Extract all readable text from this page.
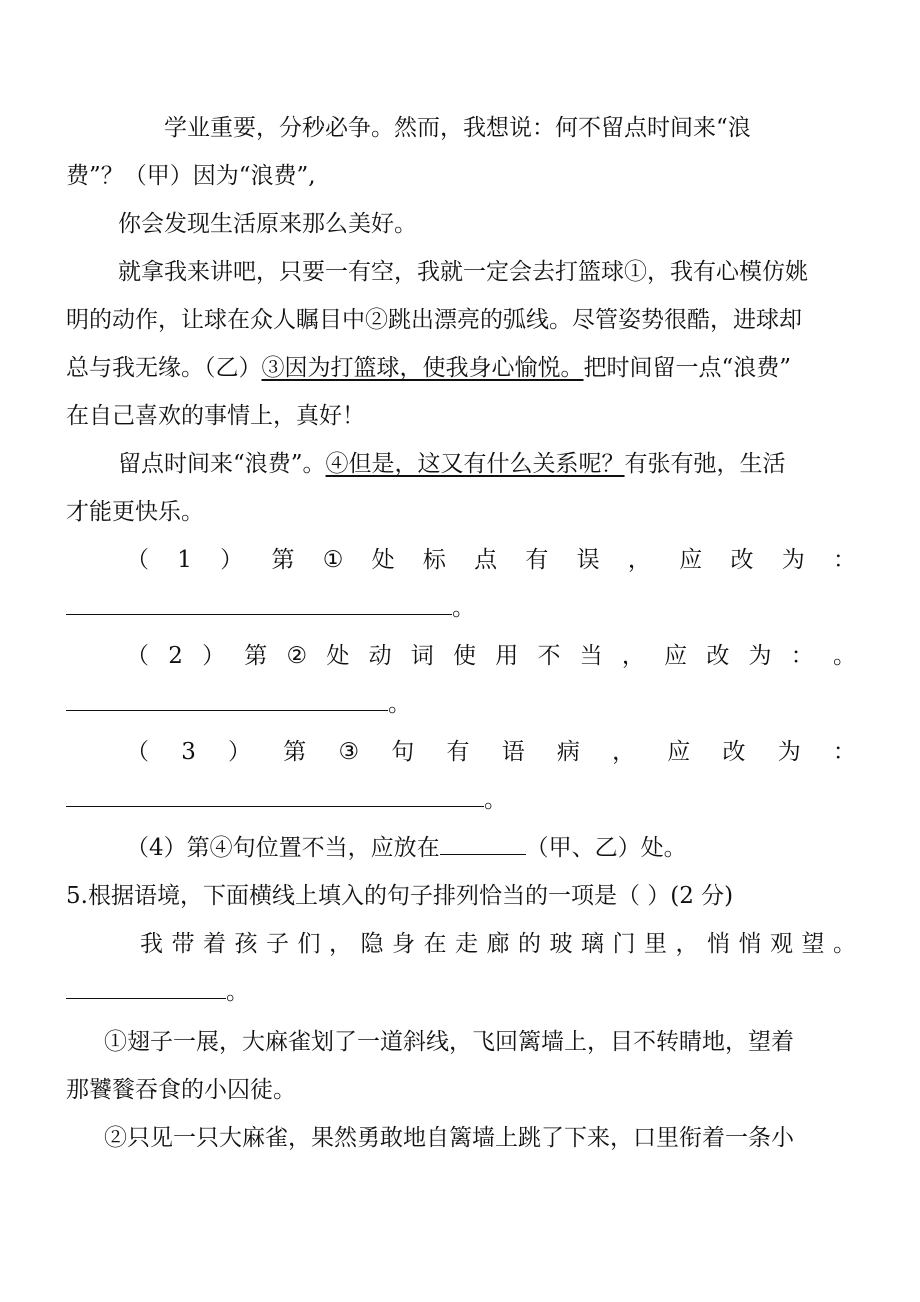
学业重要，分秒必争。然而，我想说：何不留点时间来“浪
费”？（甲）因为“浪费”,
你会发现生活原来那么美好。
就拿我来讲吧，只要一有空，我就一定会去打篮球①，我有心模仿姚
明的动作，让球在众人瞩目中②跳出漂亮的弧线。尽管姿势很酷，进球却
总与我无缘。（乙）③因为打篮球，使我身心愉悦。把时间留一点“浪费”
在自己喜欢的事情上，真好！
留点时间来“浪费”。④但是，这又有什么关系呢？有张有弛，生活
才能更快乐。
（ 1 ） 第 ① 处 标 点 有 误 ， 应 改 为 ：
。
（ 2 ） 第 ② 处 动 词 使 用 不 当 ， 应 改 为 ： 。
。
（ 3 ） 第 ③ 句 有 语 病 ， 应 改 为 ：
。
（4）第④句位置不当，应放在	（甲、乙）处。
5.根据语境，下面横线上填入的句子排列恰当的一项是（ ）(2 分)
我 带 着 孩 子 们 ， 隐 身 在 走 廊 的 玻 璃 门 里 ， 悄 悄 观 望 。
。
①翅子一展，大麻雀划了一道斜线，飞回篱墙上，目不转睛地，望着
那饕餮吞食的小囚徒。
②只见一只大麻雀，果然勇敢地自篱墙上跳了下来，口里衔着一条小
